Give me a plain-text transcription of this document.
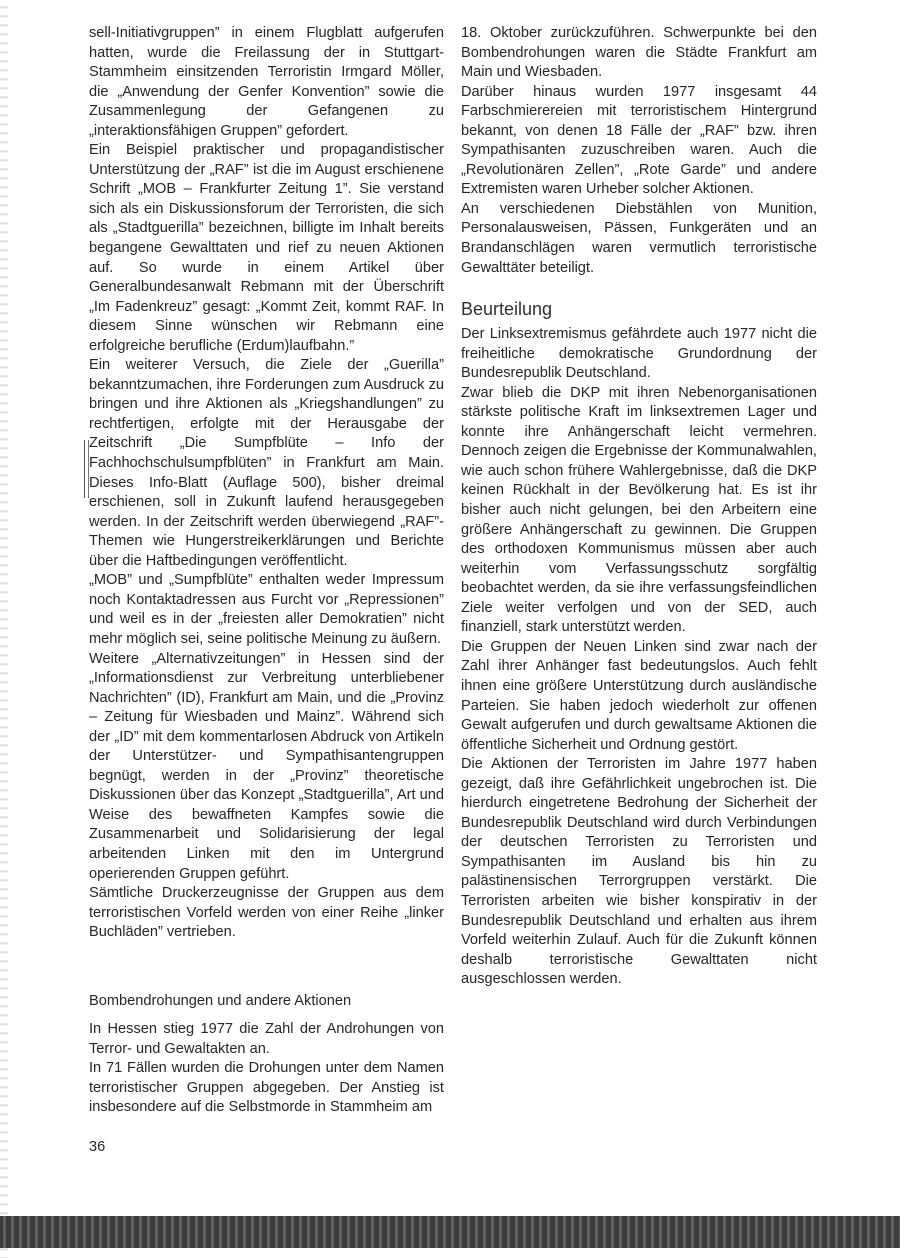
sell-Initiativgruppen” in einem Flugblatt aufgerufen hatten, wurde die Freilassung der in Stuttgart-Stammheim einsitzenden Terroristin Irmgard Möller, die „Anwendung der Genfer Konvention” sowie die Zusammenlegung der Gefangenen zu „interaktionsfähigen Gruppen” gefordert.

Ein Beispiel praktischer und propagandistischer Unterstützung der „RAF” ist die im August erschienene Schrift „MOB – Frankfurter Zeitung 1”. Sie verstand sich als ein Diskussionsforum der Terroristen, die sich als „Stadtguerilla” bezeichnen, billigte im Inhalt bereits begangene Gewalttaten und rief zu neuen Aktionen auf. So wurde in einem Artikel über Generalbundesanwalt Rebmann mit der Überschrift „Im Fadenkreuz” gesagt: „Kommt Zeit, kommt RAF. In diesem Sinne wünschen wir Rebmann eine erfolgreiche berufliche (Erdum)laufbahn.”

Ein weiterer Versuch, die Ziele der „Guerilla” bekanntzumachen, ihre Forderungen zum Ausdruck zu bringen und ihre Aktionen als „Kriegshandlungen” zu rechtfertigen, erfolgte mit der Herausgabe der Zeitschrift „Die Sumpfblüte – Info der Fachhochschulsumpfblüten” in Frankfurt am Main. Dieses Info-Blatt (Auflage 500), bisher dreimal erschienen, soll in Zukunft laufend herausgegeben werden. In der Zeitschrift werden überwiegend „RAF”-Themen wie Hungerstreikerklärungen und Berichte über die Haftbedingungen veröffentlicht.

„MOB” und „Sumpfblüte” enthalten weder Impressum noch Kontaktadressen aus Furcht vor „Repressionen” und weil es in der „freiesten aller Demokratien” nicht mehr möglich sei, seine politische Meinung zu äußern.

Weitere „Alternativzeitungen” in Hessen sind der „Informationsdienst zur Verbreitung unterbliebener Nachrichten” (ID), Frankfurt am Main, und die „Provinz – Zeitung für Wiesbaden und Mainz”. Während sich der „ID” mit dem kommentarlosen Abdruck von Artikeln der Unterstützer- und Sympathisantengruppen begnügt, werden in der „Provinz” theoretische Diskussionen über das Konzept „Stadtguerilla”, Art und Weise des bewaffneten Kampfes sowie die Zusammenarbeit und Solidarisierung der legal arbeitenden Linken mit den im Untergrund operierenden Gruppen geführt.

Sämtliche Druckerzeugnisse der Gruppen aus dem terroristischen Vorfeld werden von einer Reihe „linker Buchläden” vertrieben.

Bombendrohungen und andere Aktionen

In Hessen stieg 1977 die Zahl der Androhungen von Terror- und Gewaltakten an.

In 71 Fällen wurden die Drohungen unter dem Namen terroristischer Gruppen abgegeben. Der Anstieg ist insbesondere auf die Selbstmorde in Stammheim am

18. Oktober zurückzuführen. Schwerpunkte bei den Bombendrohungen waren die Städte Frankfurt am Main und Wiesbaden.

Darüber hinaus wurden 1977 insgesamt 44 Farbschmierereien mit terroristischem Hintergrund bekannt, von denen 18 Fälle der „RAF” bzw. ihren Sympathisanten zuzuschreiben waren. Auch die „Revolutionären Zellen”, „Rote Garde” und andere Extremisten waren Urheber solcher Aktionen.

An verschiedenen Diebstählen von Munition, Personalausweisen, Pässen, Funkgeräten und an Brandanschlägen waren vermutlich terroristische Gewalttäter beteiligt.

Beurteilung

Der Linksextremismus gefährdete auch 1977 nicht die freiheitliche demokratische Grundordnung der Bundesrepublik Deutschland.

Zwar blieb die DKP mit ihren Nebenorganisationen stärkste politische Kraft im linksextremen Lager und konnte ihre Anhängerschaft leicht vermehren. Dennoch zeigen die Ergebnisse der Kommunalwahlen, wie auch schon frühere Wahlergebnisse, daß die DKP keinen Rückhalt in der Bevölkerung hat. Es ist ihr bisher auch nicht gelungen, bei den Arbeitern eine größere Anhängerschaft zu gewinnen. Die Gruppen des orthodoxen Kommunismus müssen aber auch weiterhin vom Verfassungsschutz sorgfältig beobachtet werden, da sie ihre verfassungsfeindlichen Ziele weiter verfolgen und von der SED, auch finanziell, stark unterstützt werden.

Die Gruppen der Neuen Linken sind zwar nach der Zahl ihrer Anhänger fast bedeutungslos. Auch fehlt ihnen eine größere Unterstützung durch ausländische Parteien. Sie haben jedoch wiederholt zur offenen Gewalt aufgerufen und durch gewaltsame Aktionen die öffentliche Sicherheit und Ordnung gestört.

Die Aktionen der Terroristen im Jahre 1977 haben gezeigt, daß ihre Gefährlichkeit ungebrochen ist. Die hierdurch eingetretene Bedrohung der Sicherheit der Bundesrepublik Deutschland wird durch Verbindungen der deutschen Terroristen zu Terroristen und Sympathisanten im Ausland bis hin zu palästinensischen Terrorgruppen verstärkt. Die Terroristen arbeiten wie bisher konspirativ in der Bundesrepublik Deutschland und erhalten aus ihrem Vorfeld weiterhin Zulauf. Auch für die Zukunft können deshalb terroristische Gewalttaten nicht ausgeschlossen werden.

36
